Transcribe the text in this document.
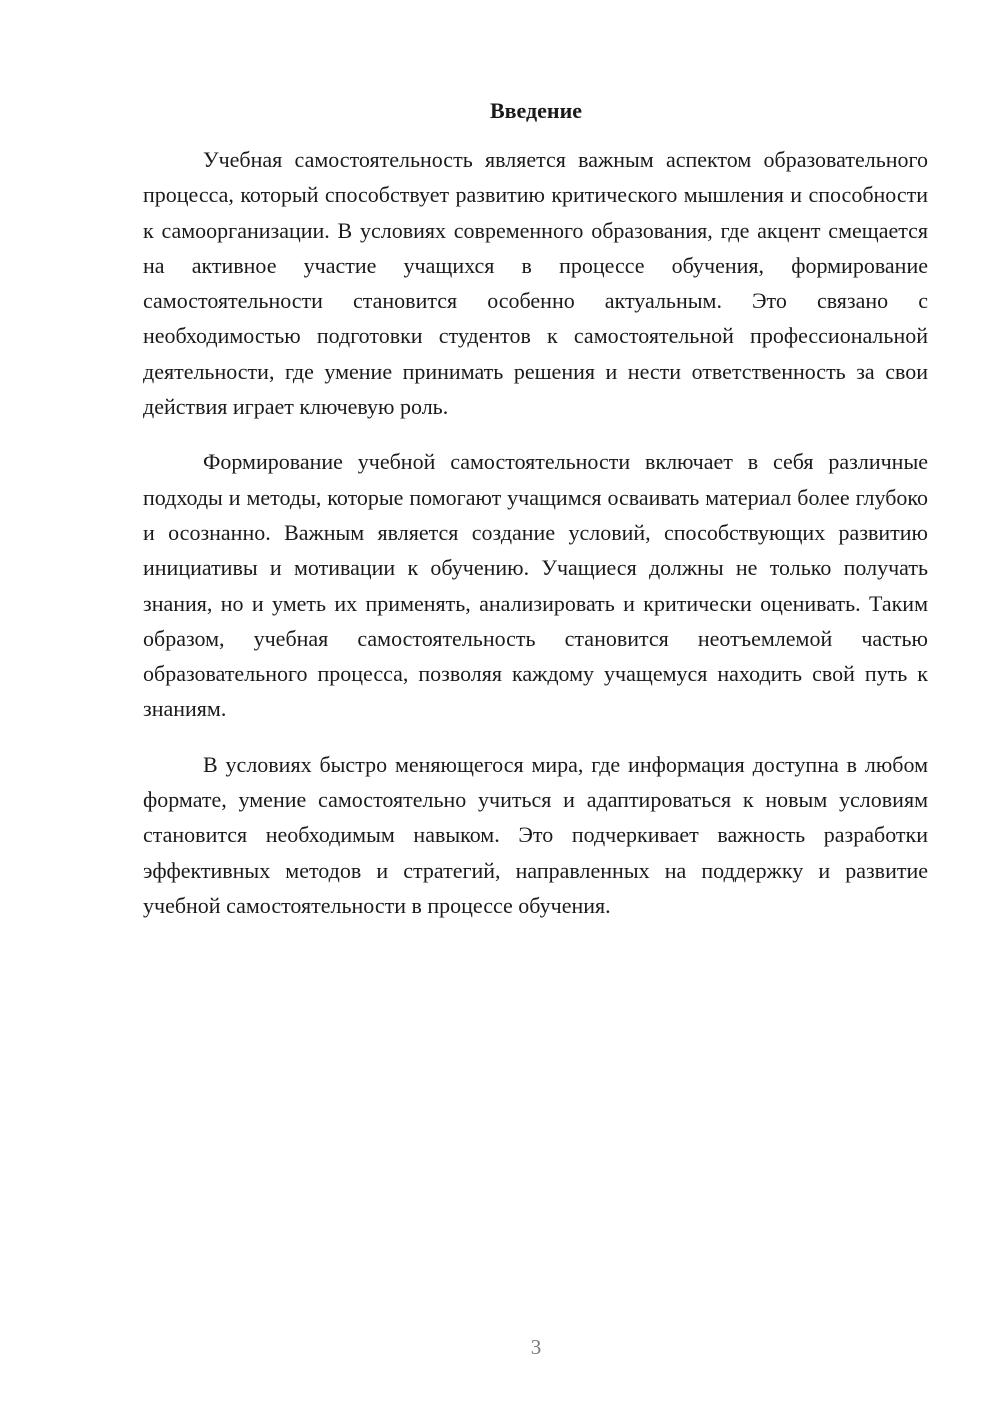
Введение

Учебная самостоятельность является важным аспектом образовательного процесса, который способствует развитию критического мышления и способности к самоорганизации. В условиях современного образования, где акцент смещается на активное участие учащихся в процессе обучения, формирование самостоятельности становится особенно актуальным. Это связано с необходимостью подготовки студентов к самостоятельной профессиональной деятельности, где умение принимать решения и нести ответственность за свои действия играет ключевую роль.

Формирование учебной самостоятельности включает в себя различные подходы и методы, которые помогают учащимся осваивать материал более глубоко и осознанно. Важным является создание условий, способствующих развитию инициативы и мотивации к обучению. Учащиеся должны не только получать знания, но и уметь их применять, анализировать и критически оценивать. Таким образом, учебная самостоятельность становится неотъемлемой частью образовательного процесса, позволяя каждому учащемуся находить свой путь к знаниям.

В условиях быстро меняющегося мира, где информация доступна в любом формате, умение самостоятельно учиться и адаптироваться к новым условиям становится необходимым навыком. Это подчеркивает важность разработки эффективных методов и стратегий, направленных на поддержку и развитие учебной самостоятельности в процессе обучения.

3
